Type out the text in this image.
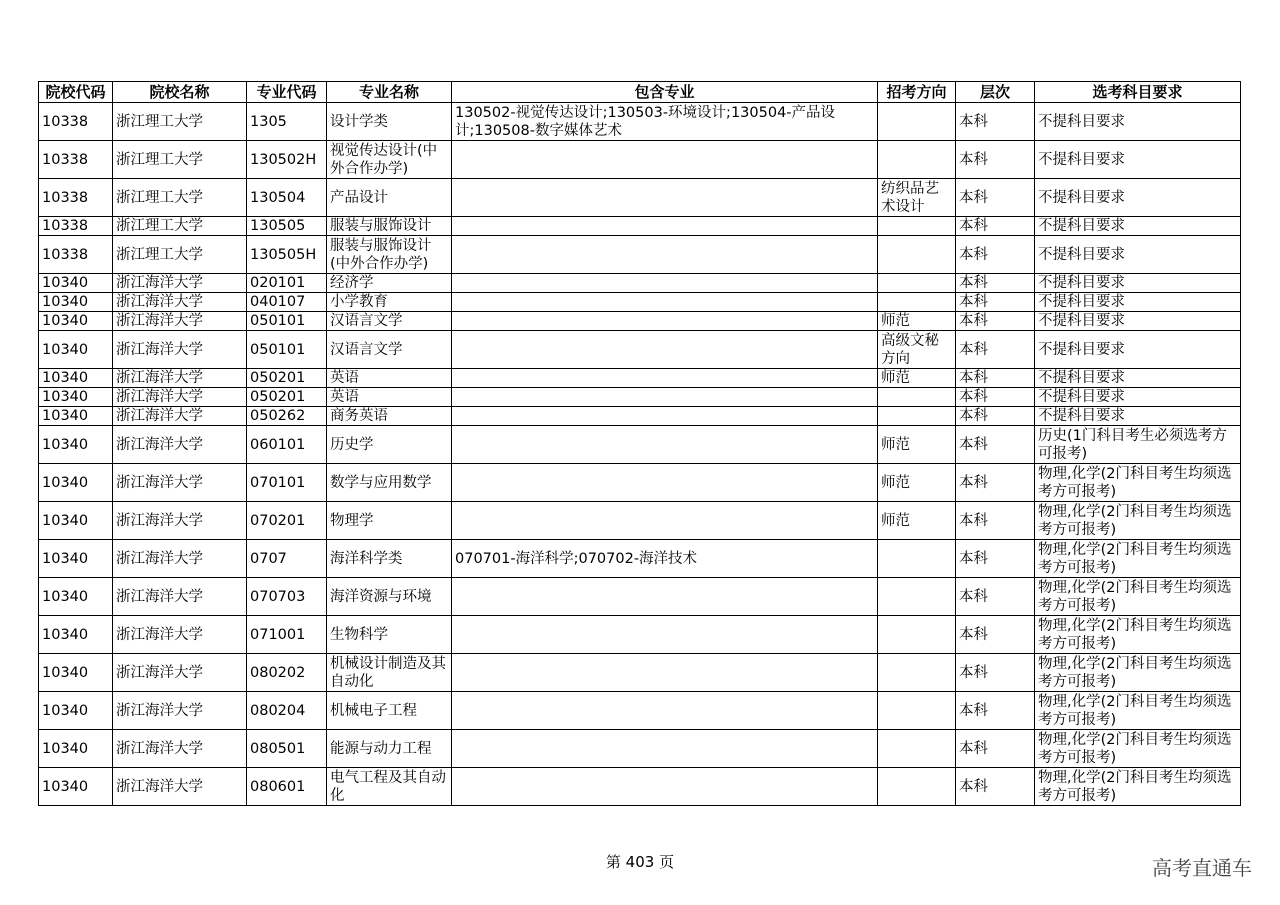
院校代码	院校名称	专业代码	专业名称	包含专业	招考方向	层次	选考科目要求
10338	浙江理工大学	1305	设计学类	130502-视觉传达设计;130503-环境设计;130504-产品设计;130508-数字媒体艺术		本科	不提科目要求
10338	浙江理工大学	130502H	视觉传达设计(中外合作办学)			本科	不提科目要求
10338	浙江理工大学	130504	产品设计		纺织品艺术设计	本科	不提科目要求
10338	浙江理工大学	130505	服装与服饰设计			本科	不提科目要求
10338	浙江理工大学	130505H	服装与服饰设计(中外合作办学)			本科	不提科目要求
10340	浙江海洋大学	020101	经济学			本科	不提科目要求
10340	浙江海洋大学	040107	小学教育			本科	不提科目要求
10340	浙江海洋大学	050101	汉语言文学		师范	本科	不提科目要求
10340	浙江海洋大学	050101	汉语言文学		高级文秘方向	本科	不提科目要求
10340	浙江海洋大学	050201	英语		师范	本科	不提科目要求
10340	浙江海洋大学	050201	英语			本科	不提科目要求
10340	浙江海洋大学	050262	商务英语			本科	不提科目要求
10340	浙江海洋大学	060101	历史学		师范	本科	历史(1门科目考生必须选考方可报考)
10340	浙江海洋大学	070101	数学与应用数学		师范	本科	物理,化学(2门科目考生均须选考方可报考)
10340	浙江海洋大学	070201	物理学		师范	本科	物理,化学(2门科目考生均须选考方可报考)
10340	浙江海洋大学	0707	海洋科学类	070701-海洋科学;070702-海洋技术		本科	物理,化学(2门科目考生均须选考方可报考)
10340	浙江海洋大学	070703	海洋资源与环境			本科	物理,化学(2门科目考生均须选考方可报考)
10340	浙江海洋大学	071001	生物科学			本科	物理,化学(2门科目考生均须选考方可报考)
10340	浙江海洋大学	080202	机械设计制造及其自动化			本科	物理,化学(2门科目考生均须选考方可报考)
10340	浙江海洋大学	080204	机械电子工程			本科	物理,化学(2门科目考生均须选考方可报考)
10340	浙江海洋大学	080501	能源与动力工程			本科	物理,化学(2门科目考生均须选考方可报考)
10340	浙江海洋大学	080601	电气工程及其自动化			本科	物理,化学(2门科目考生均须选考方可报考)
第 403 页	高考直通车
